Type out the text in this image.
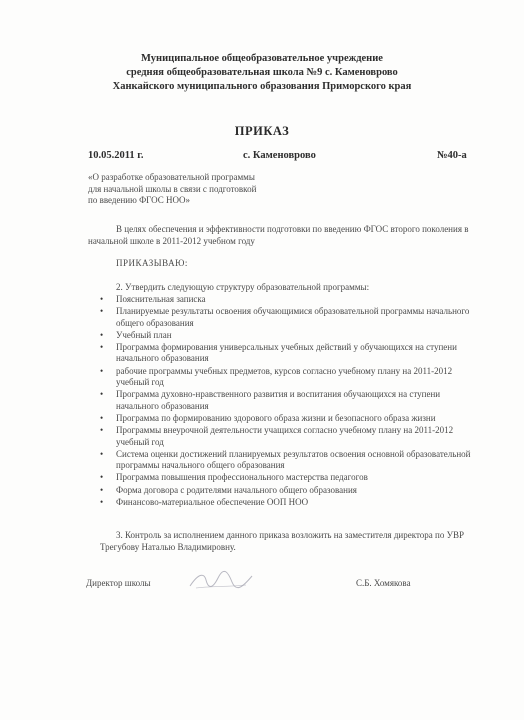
Муниципальное общеобразовательное учреждение
средняя общеобразовательная школа №9 с. Каменоврово
Ханкайского муниципального образования Приморского края
ПРИКАЗ
10.05.2011 г.	с. Каменоврово	№40-а
«О разработке образовательной программы
для начальной школы в связи с подготовкой
по введению ФГОС НОО»
В целях обеспечения и эффективности подготовки по введению ФГОС второго поколения в начальной школе в 2011-2012 учебном году
ПРИКАЗЫВАЮ:
2. Утвердить следующую структуру образовательной программы:
• Пояснительная записка
• Планируемые результаты освоения обучающимися образовательной программы начального общего образования
• Учебный план
• Программа формирования универсальных учебных действий у обучающихся на ступени начального образования
• рабочие программы учебных предметов, курсов согласно учебному плану на 2011-2012 учебный год
• Программа духовно-нравственного развития и воспитания обучающихся на ступени начального образования
• Программа по формированию здорового образа жизни и безопасного образа жизни
• Программы внеурочной деятельности учащихся согласно учебному плану на 2011-2012 учебный год
• Система оценки достижений планируемых результатов освоения основной образовательной программы начального общего образования
• Программа повышения профессионального мастерства педагогов
• Форма договора с родителями начального общего образования
• Финансово-материальное обеспечение ООП НОО
3. Контроль за исполнением данного приказа возложить на заместителя директора по УВР Трегубову Наталью Владимировну.
Директор школы	С.Б. Хомякова
